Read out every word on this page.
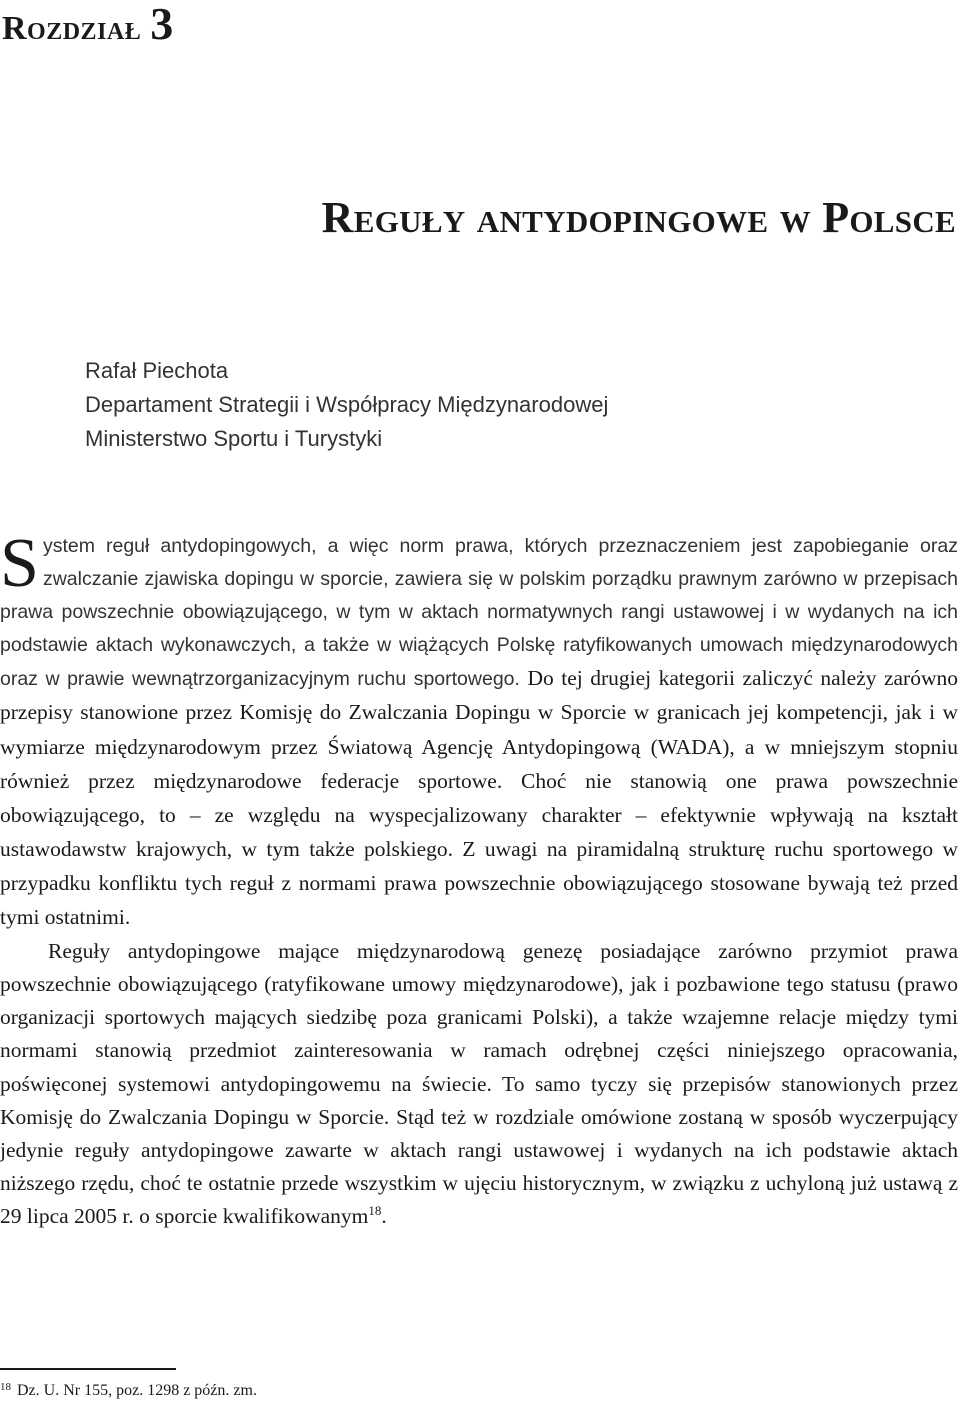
Rozdział 3
Reguły antydopingowe w Polsce
Rafał Piechota
Departament Strategii i Współpracy Międzynarodowej
Ministerstwo Sportu i Turystyki

System reguł antydopingowych, a więc norm prawa, których przeznaczeniem jest zapobieganie oraz zwalczanie zjawiska dopingu w sporcie, zawiera się w polskim porządku prawnym zarówno w przepisach prawa powszechnie obowiązującego, w tym w aktach normatywnych rangi ustawowej i w wydanych na ich podstawie aktach wykonawczych, a także w wiążących Polskę ratyfikowanych umowach międzynarodowych oraz w prawie wewnątrzorganizacyjnym ruchu sportowego. Do tej drugiej kategorii zaliczyć należy zarówno przepisy stanowione przez Komisję do Zwalczania Dopingu w Sporcie w granicach jej kompetencji, jak i w wymiarze międzynarodowym przez Światową Agencję Antydopingową (WADA), a w mniejszym stopniu również przez międzynarodowe federacje sportowe. Choć nie stanowią one prawa powszechnie obowiązującego, to – ze względu na wyspecjalizowany charakter – efektywnie wpływają na kształt ustawodawstw krajowych, w tym także polskiego. Z uwagi na piramidalną strukturę ruchu sportowego w przypadku konfliktu tych reguł z normami prawa powszechnie obowiązującego stosowane bywają też przed tymi ostatnimi.

Reguły antydopingowe mające międzynarodową genezę posiadające zarówno przymiot prawa powszechnie obowiązującego (ratyfikowane umowy międzynarodowe), jak i pozbawione tego statusu (prawo organizacji sportowych mających siedzibę poza granicami Polski), a także wzajemne relacje między tymi normami stanowią przedmiot zainteresowania w ramach odrębnej części niniejszego opracowania, poświęconej systemowi antydopingowemu na świecie. To samo tyczy się przepisów stanowionych przez Komisję do Zwalczania Dopingu w Sporcie. Stąd też w rozdziale omówione zostaną w sposób wyczerpujący jedynie reguły antydopingowe zawarte w aktach rangi ustawowej i wydanych na ich podstawie aktach niższego rzędu, choć te ostatnie przede wszystkim w ujęciu historycznym, w związku z uchyloną już ustawą z 29 lipca 2005 r. o sporcie kwalifikowanym$^{18}$.

$^{18}$ Dz. U. Nr 155, poz. 1298 z późn. zm.
